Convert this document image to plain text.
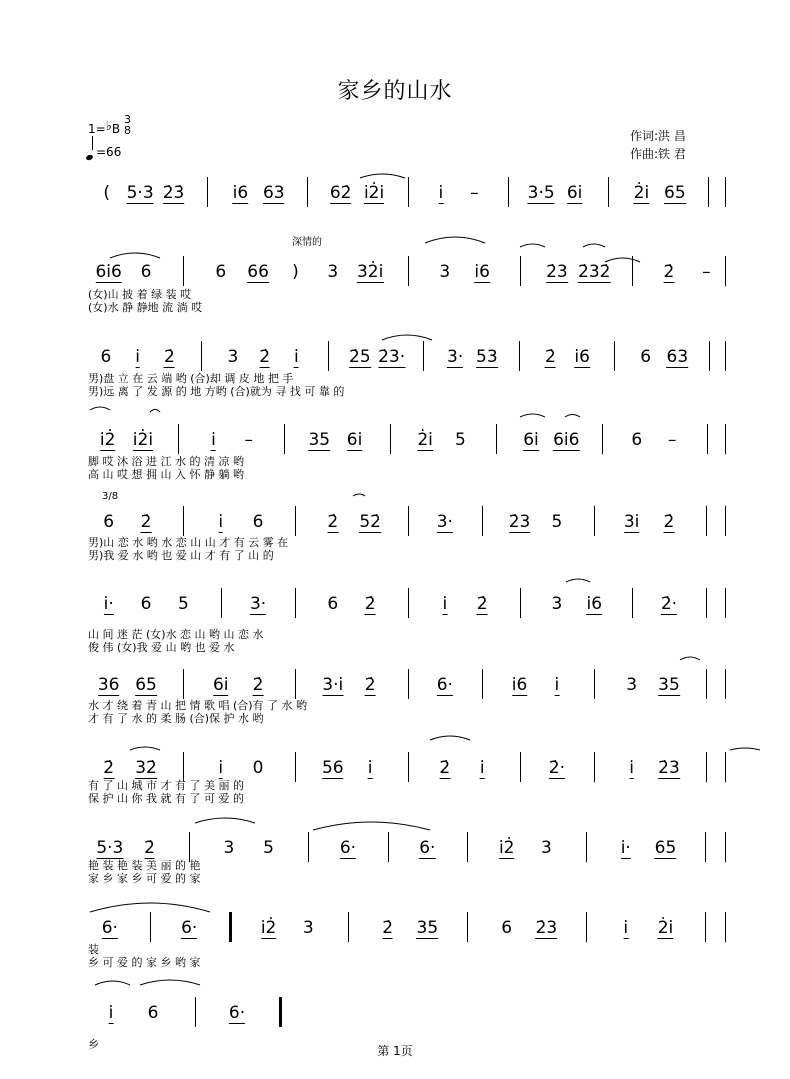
家乡的山水
1=♭B
3
8
=66
作词:洪 昌
作曲:铁 君
深情的
3/8
( 5·3 2̇3̇	i̇6 63	62̇ i̇2̇i̇	i̇ –	3·5 6i̇	2̇i̇ 65
6i̇6 6	6 66 ) 3 32̇i̇	3 i̇6	2̇3 2̇32̇	2̇ –
(女)山 披 着 绿 装 哎
(女)水 静 静地 流 淌 哎
6 i̇ 2̇	3 2̇ i̇	2̇5 2̇3· 3· 53	2̇ i̇6	6 63
男)盘 立 在 云 端 哟 (合)却 调 皮 地 把 手
男)远 离 了 发 源 的 地 方哟 (合)就为 寻 找 可 靠 的
i̇2̇ i̇2̇i̇	i̇ –	35 6i̇	2̇i̇ 5	6i̇ 6i̇6	6 –
脚 哎 沐 浴 进 江 水 的 清 凉 哟
高 山 哎 想 拥 山 入 怀 静 躺 哟
6 2̇	i̇ 6	2̇ 52̇	3·	2̇3 5	3i̇ 2̇
男)山 恋 水 哟 水 恋 山 山 才 有 云 雾 在
男)我 爱 水 哟 也 爱 山 才 有 了 山 的
i̇· 6 5	3·	6 2̇	i̇ 2̇	3 i̇6	2̇·
山 间 迷 茫 (女)水 恋 山 哟 山 恋 水
俊 伟 (女)我 爱 山 哟 也 爱 水
36 65	6i̇ 2̇	3·i̇ 2̇	6·	i̇6 i̇	3 35
水 才 绕 着 青 山 把 情 歌 唱 (合)有 了 水 哟
才 有 了 水 的 柔 肠 (合)保 护 水 哟
2̇ 32̇	i̇ 0	56 i̇	2̇ i̇	2̇·	i̇ 2̇3
有 了 山 城 市 才 有 了 美 丽 的
保 护 山 你 我 就 有 了 可 爱 的
5·3 2̇	3 5	6·	6·	i̇2̇ 3	i̇· 65
艳 装 艳 装 美 丽 的 艳
家 乡 家 乡 可 爱 的 家
6·	6·	i̇2̇ 3	2̇ 35	6 2̇3	i̇ 2̇i̇
装
乡 可 爱 的 家 乡 哟 家
i̇ 6	6·
乡	第 1页
